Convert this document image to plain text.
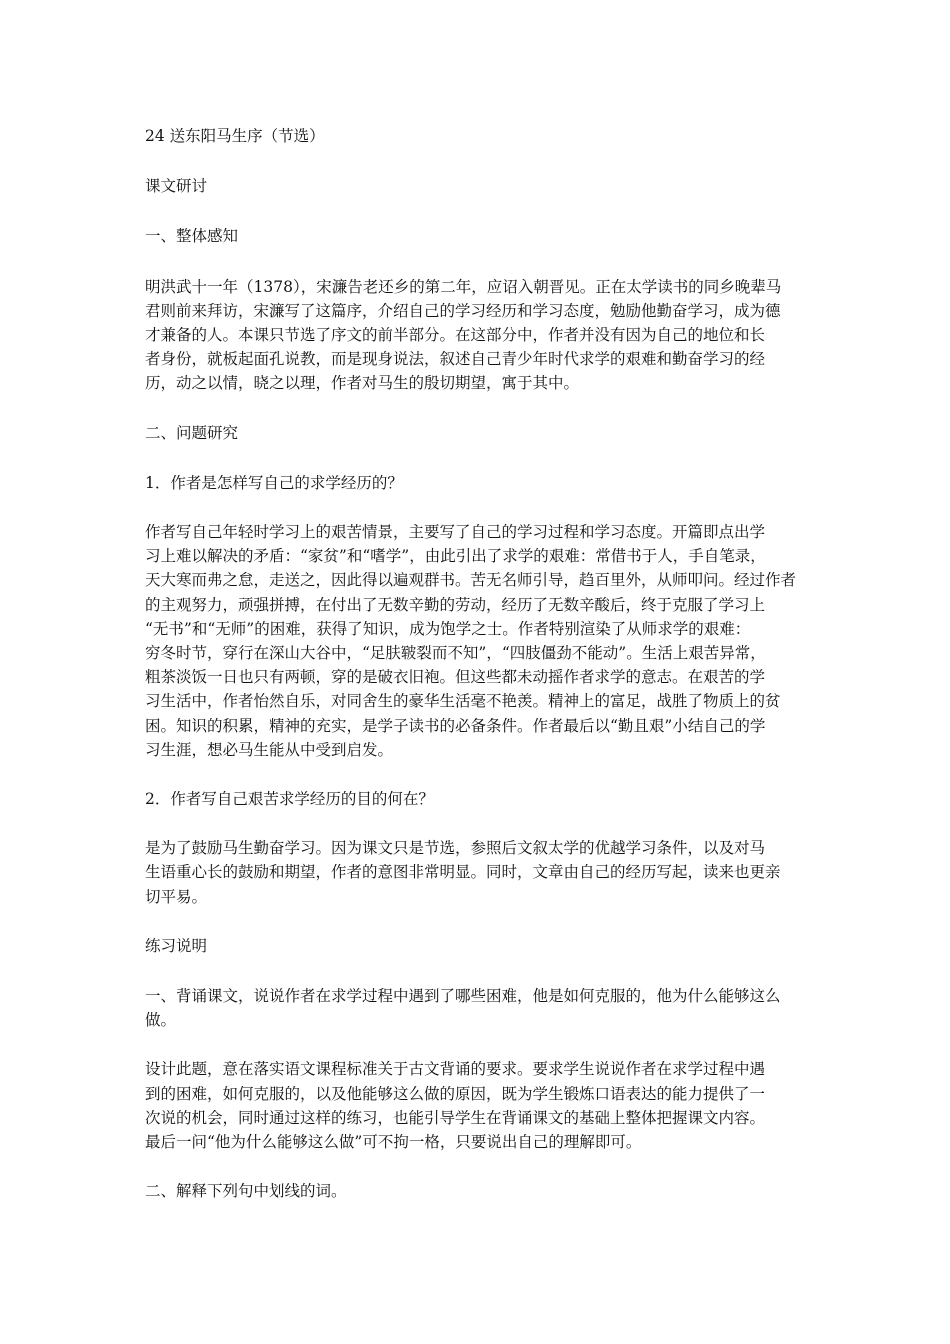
24 送东阳马生序（节选）

课文研讨

一、整体感知

明洪武十一年（1378），宋濂告老还乡的第二年，应诏入朝晋见。正在太学读书的同乡晚辈马
君则前来拜访，宋濂写了这篇序，介绍自己的学习经历和学习态度，勉励他勤奋学习，成为德
才兼备的人。本课只节选了序文的前半部分。在这部分中，作者并没有因为自己的地位和长
者身份，就板起面孔说教，而是现身说法，叙述自己青少年时代求学的艰难和勤奋学习的经
历，动之以情，晓之以理，作者对马生的殷切期望，寓于其中。

二、问题研究

1．作者是怎样写自己的求学经历的？

作者写自己年轻时学习上的艰苦情景，主要写了自己的学习过程和学习态度。开篇即点出学
习上难以解决的矛盾：“家贫”和“嗜学”，由此引出了求学的艰难：常借书于人，手自笔录，
天大寒而弗之怠，走送之，因此得以遍观群书。苦无名师引导，趋百里外，从师叩问。经过作者
的主观努力，顽强拼搏，在付出了无数辛勤的劳动，经历了无数辛酸后，终于克服了学习上
“无书”和“无师”的困难，获得了知识，成为饱学之士。作者特别渲染了从师求学的艰难：
穷冬时节，穿行在深山大谷中，“足肤皲裂而不知”，“四肢僵劲不能动”。生活上艰苦异常，
粗茶淡饭一日也只有两顿，穿的是破衣旧袍。但这些都未动摇作者求学的意志。在艰苦的学
习生活中，作者怡然自乐，对同舍生的豪华生活毫不艳羡。精神上的富足，战胜了物质上的贫
困。知识的积累，精神的充实，是学子读书的必备条件。作者最后以“勤且艰”小结自己的学
习生涯，想必马生能从中受到启发。

2．作者写自己艰苦求学经历的目的何在？

是为了鼓励马生勤奋学习。因为课文只是节选，参照后文叙太学的优越学习条件，以及对马
生语重心长的鼓励和期望，作者的意图非常明显。同时，文章由自己的经历写起，读来也更亲
切平易。

练习说明

一、背诵课文，说说作者在求学过程中遇到了哪些困难，他是如何克服的，他为什么能够这么
做。

设计此题，意在落实语文课程标准关于古文背诵的要求。要求学生说说作者在求学过程中遇
到的困难，如何克服的，以及他能够这么做的原因，既为学生锻炼口语表达的能力提供了一
次说的机会，同时通过这样的练习，也能引导学生在背诵课文的基础上整体把握课文内容。
最后一问“他为什么能够这么做”可不拘一格，只要说出自己的理解即可。

二、解释下列句中划线的词。
